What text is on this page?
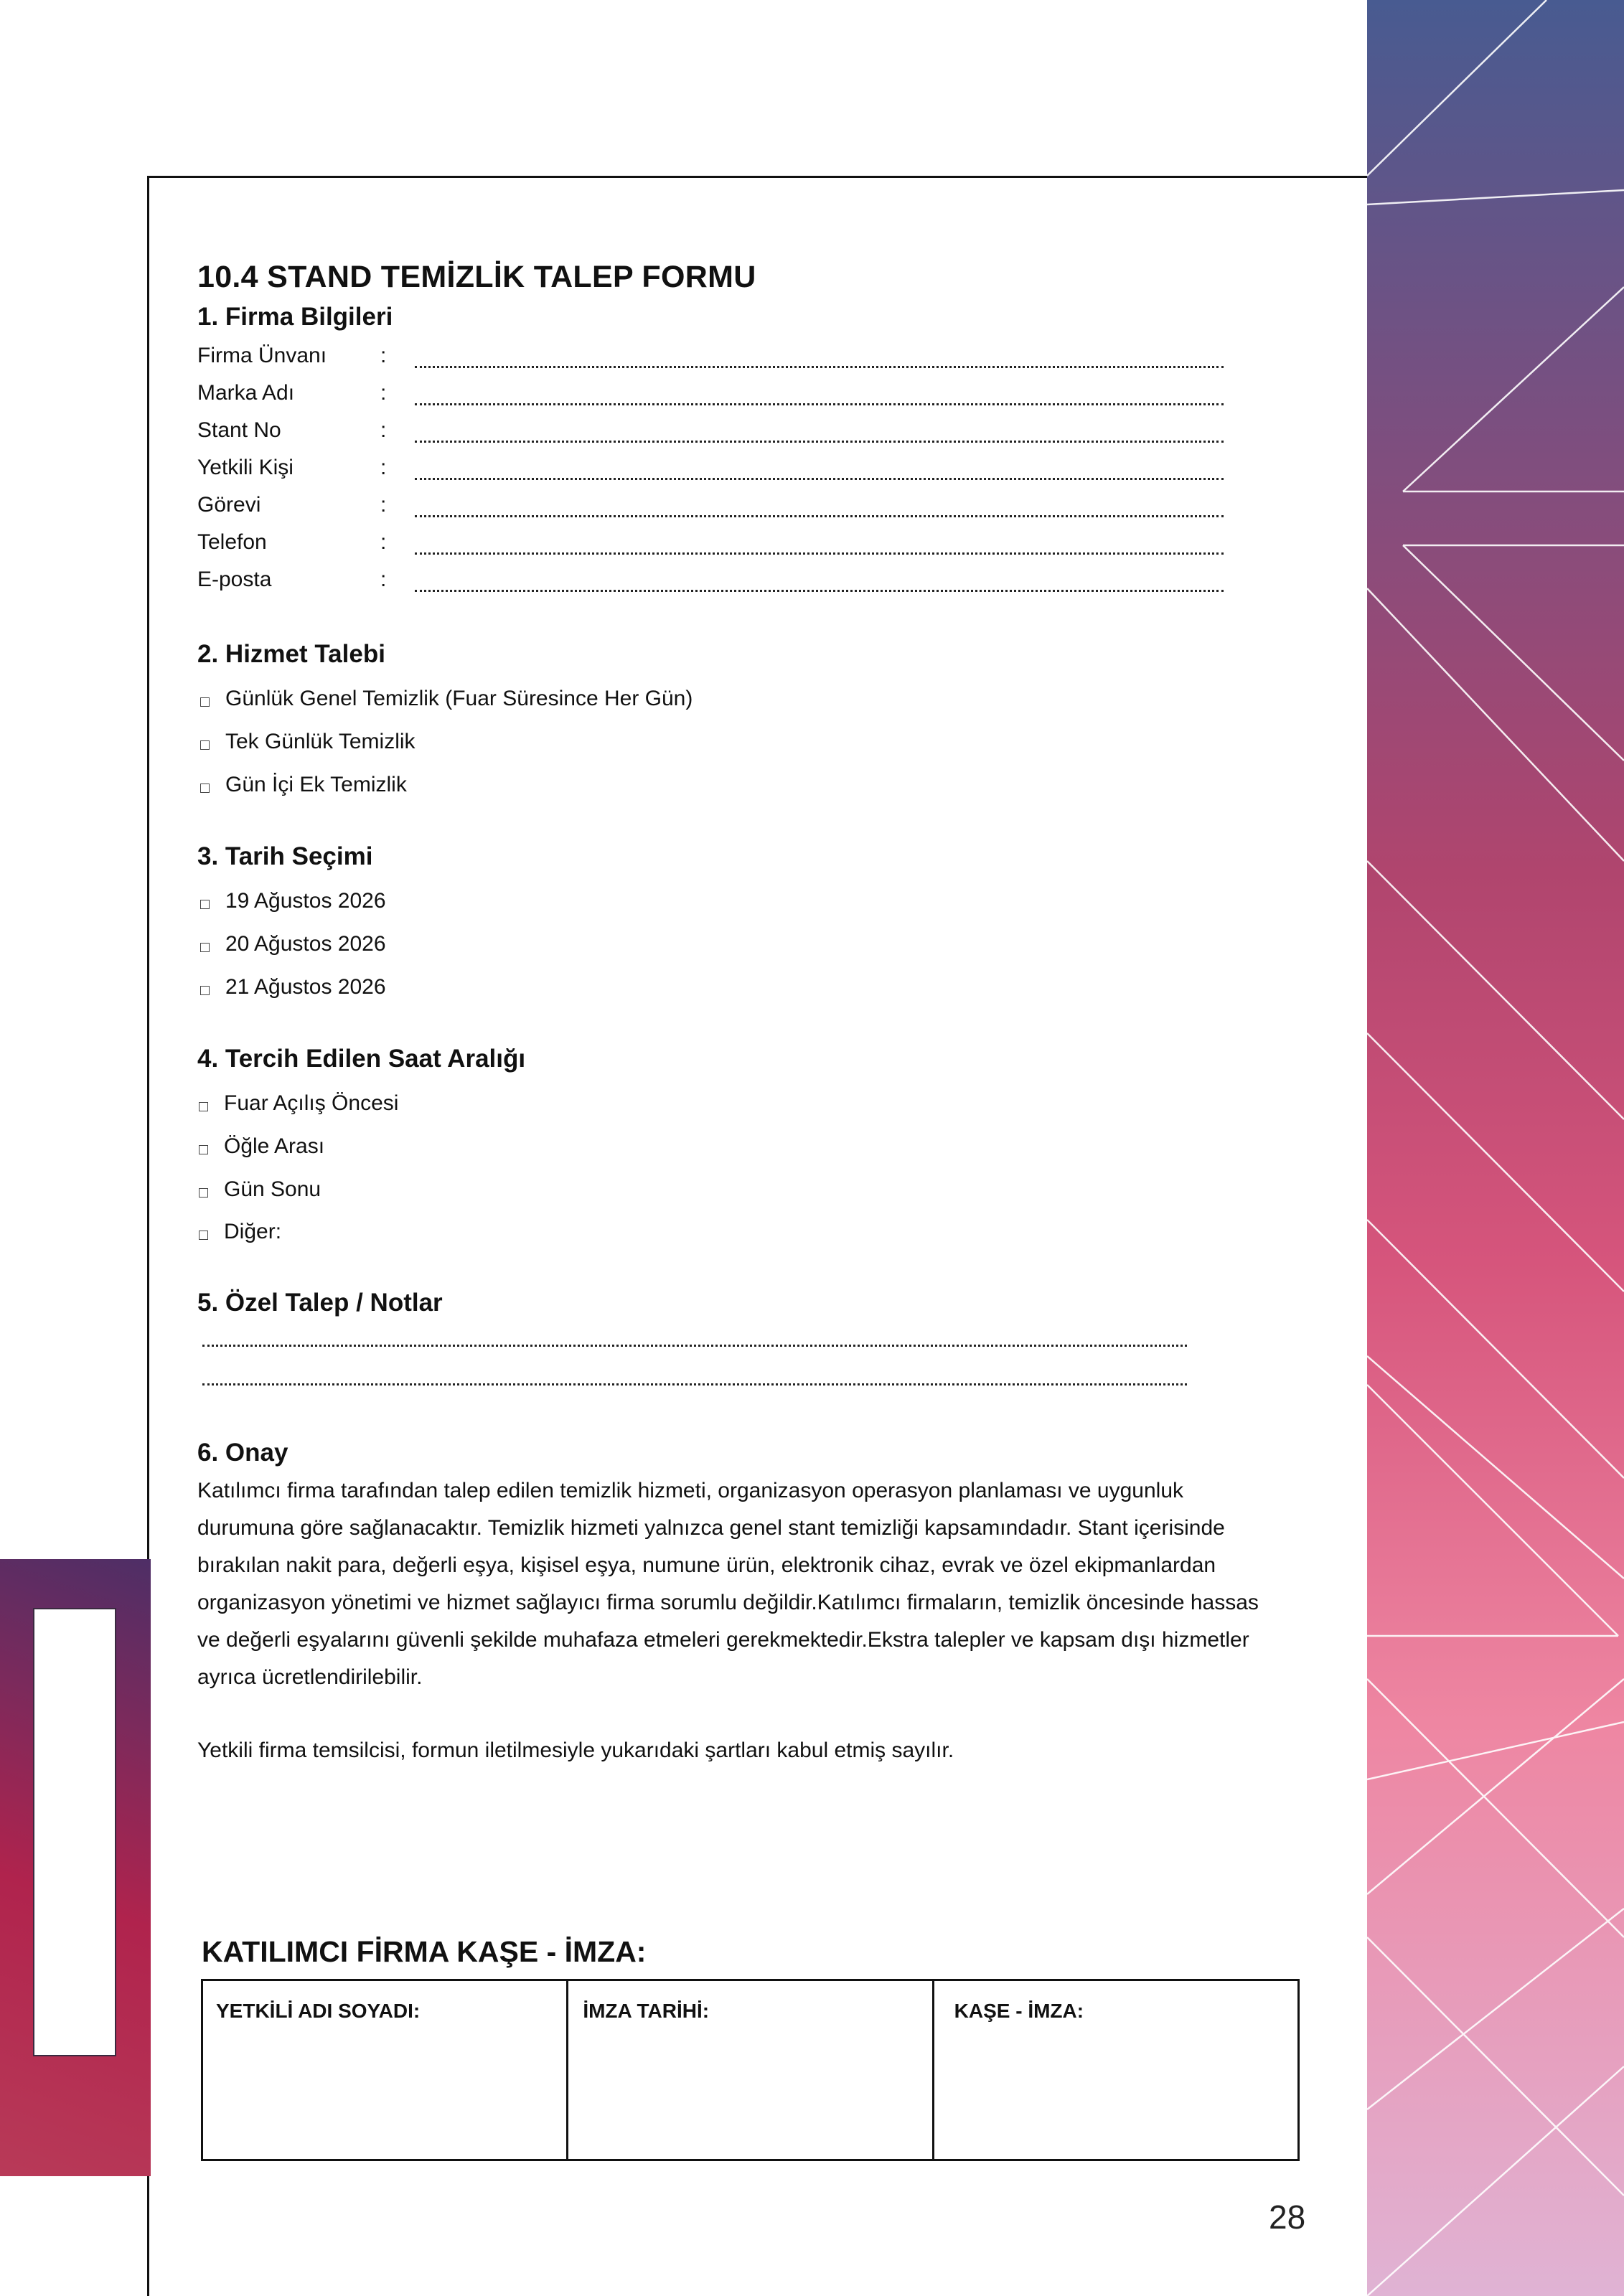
10.4 STAND TEMİZLİK TALEP FORMU
1. Firma Bilgileri
Firma Ünvanı :
Marka Adı	:
Stant No	:
Yetkili Kişi	:
Görevi	:
Telefon	:
E-posta	:
2. Hizmet Talebi
Günlük Genel Temizlik (Fuar Süresince Her Gün)
Tek Günlük Temizlik
Gün İçi Ek Temizlik
3. Tarih Seçimi
19 Ağustos 2026
20 Ağustos 2026
21 Ağustos 2026
4. Tercih Edilen Saat Aralığı
Fuar Açılış Öncesi
Öğle Arası
Gün Sonu
Diğer:
5. Özel Talep / Notlar
6. Onay

Katılımcı firma tarafından talep edilen temizlik hizmeti, organizasyon operasyon planlaması ve uygunluk durumuna göre sağlanacaktır. Temizlik hizmeti yalnızca genel stant temizliği kapsamındadır. Stant içerisinde bırakılan nakit para, değerli eşya, kişisel eşya, numune ürün, elektronik cihaz, evrak ve özel ekipmanlardan organizasyon yönetimi ve hizmet sağlayıcı firma sorumlu değildir.Katılımcı firmaların, temizlik öncesinde hassas ve değerli eşyalarını güvenli şekilde muhafaza etmeleri gerekmektedir.Ekstra talepler ve kapsam dışı hizmetler ayrıca ücretlendirilebilir.

Yetkili firma temsilcisi, formun iletilmesiyle yukarıdaki şartları kabul etmiş sayılır.

KATILIMCI FİRMA KAŞE - İMZA:
YETKİLİ ADI SOYADI:	İMZA TARİHİ:	KAŞE - İMZA:
28
